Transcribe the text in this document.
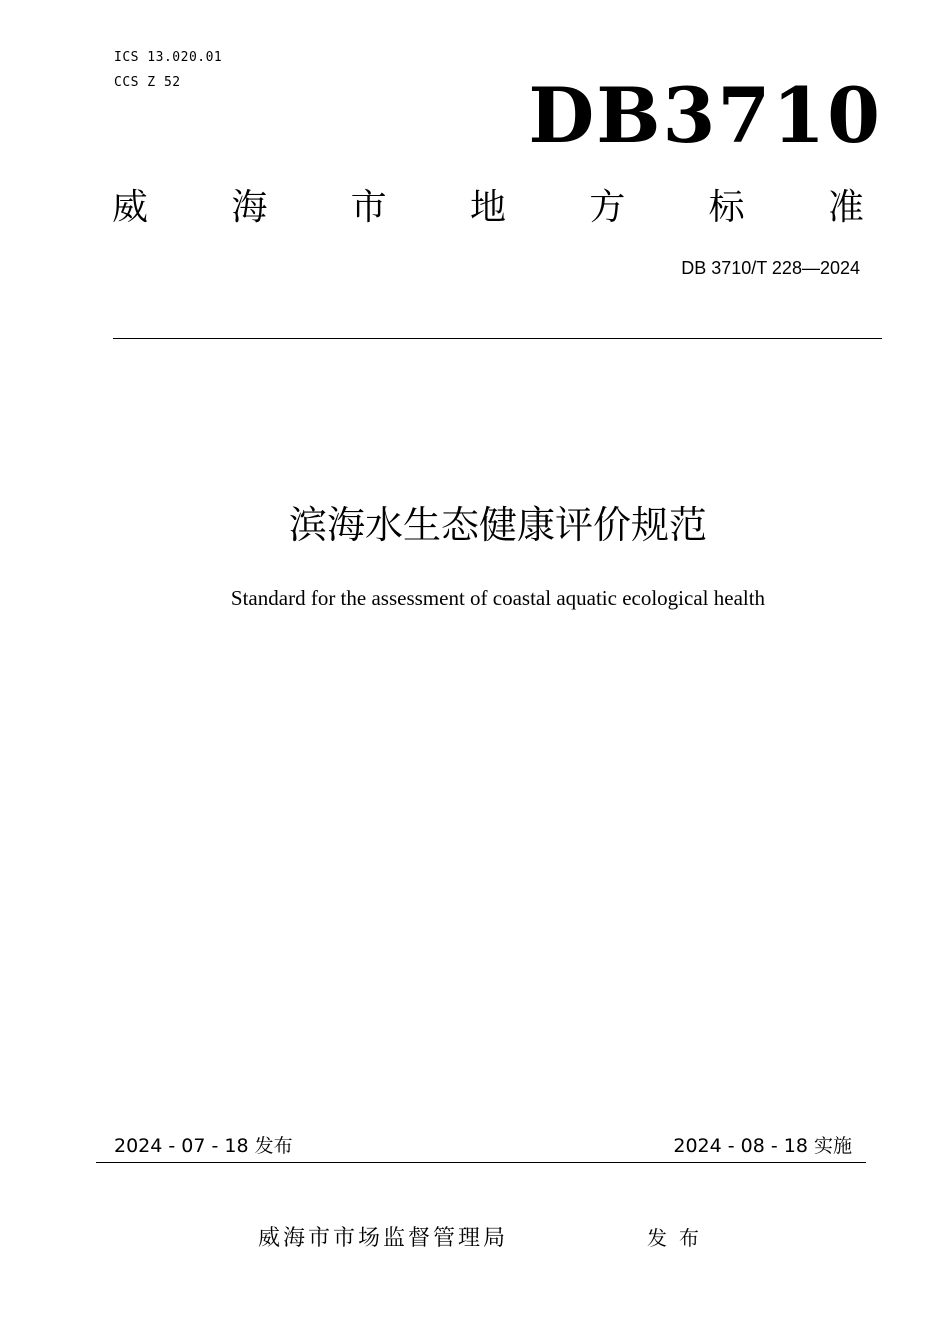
ICS 13.020.01
CCS Z 52	DB3710
威 海 市 地 方 标 准
DB 3710/T 228—2024
滨海水生态健康评价规范
Standard for the assessment of coastal aquatic ecological health
2024 - 07 - 18 发布	2024 - 08 - 18 实施
威海市市场监督管理局	发布
